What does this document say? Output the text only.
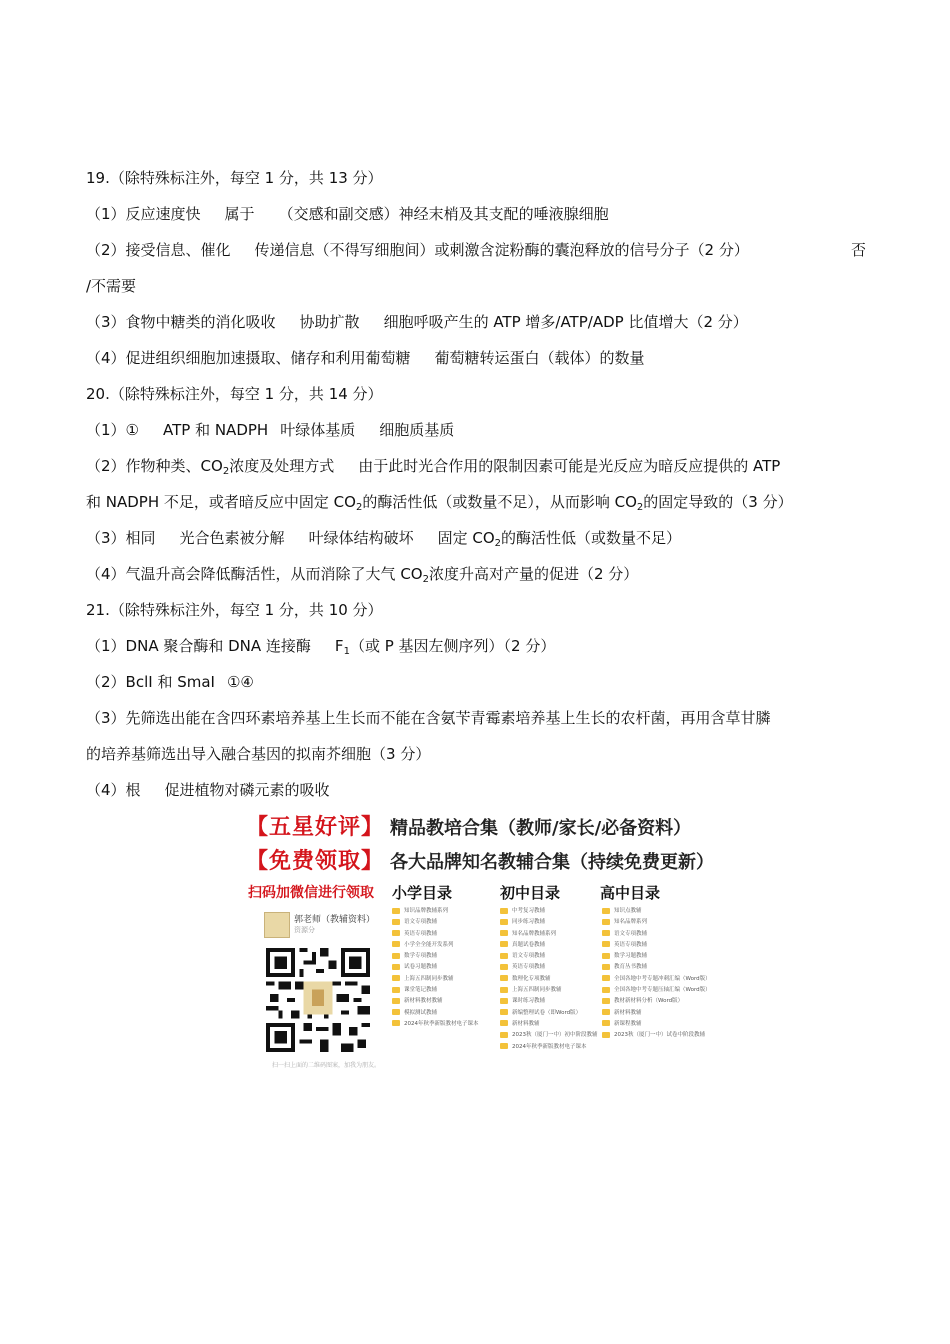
19.（除特殊标注外，每空 1 分，共 13 分）
（1）反应速度快 属于 （交感和副交感）神经末梢及其支配的唾液腺细胞
（2）接受信息、催化 传递信息（不得写细胞间）或刺激含淀粉酶的囊泡释放的信号分子（2 分）	否
/不需要
（3）食物中糖类的消化吸收 协助扩散 细胞呼吸产生的 ATP 增多/ATP/ADP 比值增大（2 分）
（4）促进组织细胞加速摄取、储存和利用葡萄糖 葡萄糖转运蛋白（载体）的数量
20.（除特殊标注外，每空 1 分，共 14 分）
（1）① ATP 和 NADPH 叶绿体基质 细胞质基质
（2）作物种类、$CO_2$浓度及处理方式 由于此时光合作用的限制因素可能是光反应为暗反应提供的 ATP
和 NADPH 不足，或者暗反应中固定 $CO_2$的酶活性低（或数量不足），从而影响 $CO_2$的固定导致的（3 分）
（3）相同 光合色素被分解 叶绿体结构破坏 固定 $CO_2$的酶活性低（或数量不足）
（4）气温升高会降低酶活性，从而消除了大气 $CO_2$浓度升高对产量的促进（2 分）
21.（除特殊标注外，每空 1 分，共 10 分）
（1）DNA 聚合酶和 DNA 连接酶 $F_1$（或 P 基因左侧序列）（2 分）
（2）BclI 和 SmaI ①④
（3）先筛选出能在含四环素培养基上生长而不能在含氨苄青霉素培养基上生长的农杆菌，再用含草甘膦
的培养基筛选出导入融合基因的拟南芥细胞（3 分）
（4）根 促进植物对磷元素的吸收
【五星好评】 精品教培合集（教师/家长/必备资料）
【免费领取】 各大品牌知名教辅合集（持续免费更新）
扫码加微信进行领取 小学目录	初中目录	高中目录
郭老师（教辅资料）
资源分
扫一扫上面的二维码图案，加我为朋友。
知识品牌教辅系列
语文专项教辅
英语专项教辅
小学全全能开发系列
数学专项教辅
试卷习题教辅
上海五四制同步教辅
课堂笔记教辅
新材料教材教辅
模拟测试教辅
2024年秋季新版教材电子课本
中考复习教辅
同步练习教辅
知名品牌教辅系列
真题试卷教辅
语文专项教辅
英语专项教辅
数理化专项教辅
上海五四制同步教辅
课时练习教辅
新编整理试卷（即Word版）
新材料教辅
2023秋（厦门一中）初中阶段教辅
2024年秋季新版教材电子课本
知识点教辅
知名品牌系列
语文专项教辅
英语专项教辅
数学习题教辅
教育丛书教辅
全国各地中考专题冲刺汇编（Word版）
全国各地中考专题压轴汇编（Word版）
教材新材料分析（Word版）
新材料教辅
新课程教辅
2023秋（厦门一中）试卷中阶段教辅
